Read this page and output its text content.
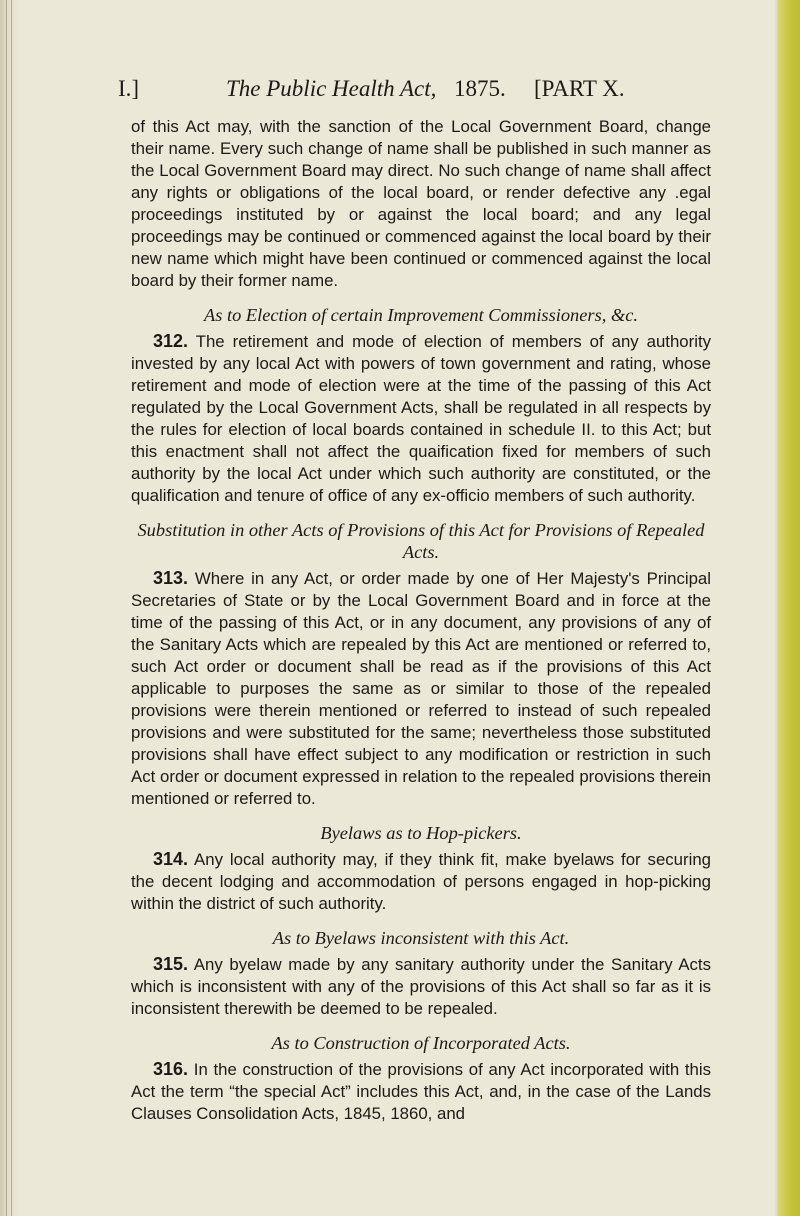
I.]	The Public Health Act, 1875. [PART X.

of this Act may, with the sanction of the Local Government Board, change their name. Every such change of name shall be published in such manner as the Local Government Board may direct. No such change of name shall affect any rights or obligations of the local board, or render defective any .egal proceedings instituted by or against the local board; and any legal proceedings may be continued or commenced against the local board by their new name which might have been continued or commenced against the local board by their former name.

As to Election of certain Improvement Commissioners, &c.

312. The retirement and mode of election of members of any authority invested by any local Act with powers of town government and rating, whose retirement and mode of election were at the time of the passing of this Act regulated by the Local Government Acts, shall be regulated in all respects by the rules for election of local boards contained in schedule II. to this Act; but this enactment shall not affect the quaification fixed for members of such authority by the local Act under which such authority are constituted, or the qualification and tenure of office of any ex-officio members of such authority.

Substitution in other Acts of Provisions of this Act for Provisions of Repealed Acts.

313. Where in any Act, or order made by one of Her Majesty's Principal Secretaries of State or by the Local Government Board and in force at the time of the passing of this Act, or in any document, any provisions of any of the Sanitary Acts which are repealed by this Act are mentioned or referred to, such Act order or document shall be read as if the provisions of this Act applicable to purposes the same as or similar to those of the repealed provisions were therein mentioned or referred to instead of such repealed provisions and were substituted for the same; nevertheless those substituted provisions shall have effect subject to any modification or restriction in such Act order or document expressed in relation to the repealed provisions therein mentioned or referred to.

Byelaws as to Hop-pickers.

314. Any local authority may, if they think fit, make byelaws for securing the decent lodging and accommodation of persons engaged in hop-picking within the district of such authority.

As to Byelaws inconsistent with this Act.

315. Any byelaw made by any sanitary authority under the Sanitary Acts which is inconsistent with any of the provisions of this Act shall so far as it is inconsistent therewith be deemed to be repealed.

As to Construction of Incorporated Acts.

316. In the construction of the provisions of any Act incorporated with this Act the term “the special Act” includes this Act, and, in the case of the Lands Clauses Consolidation Acts, 1845, 1860, and
